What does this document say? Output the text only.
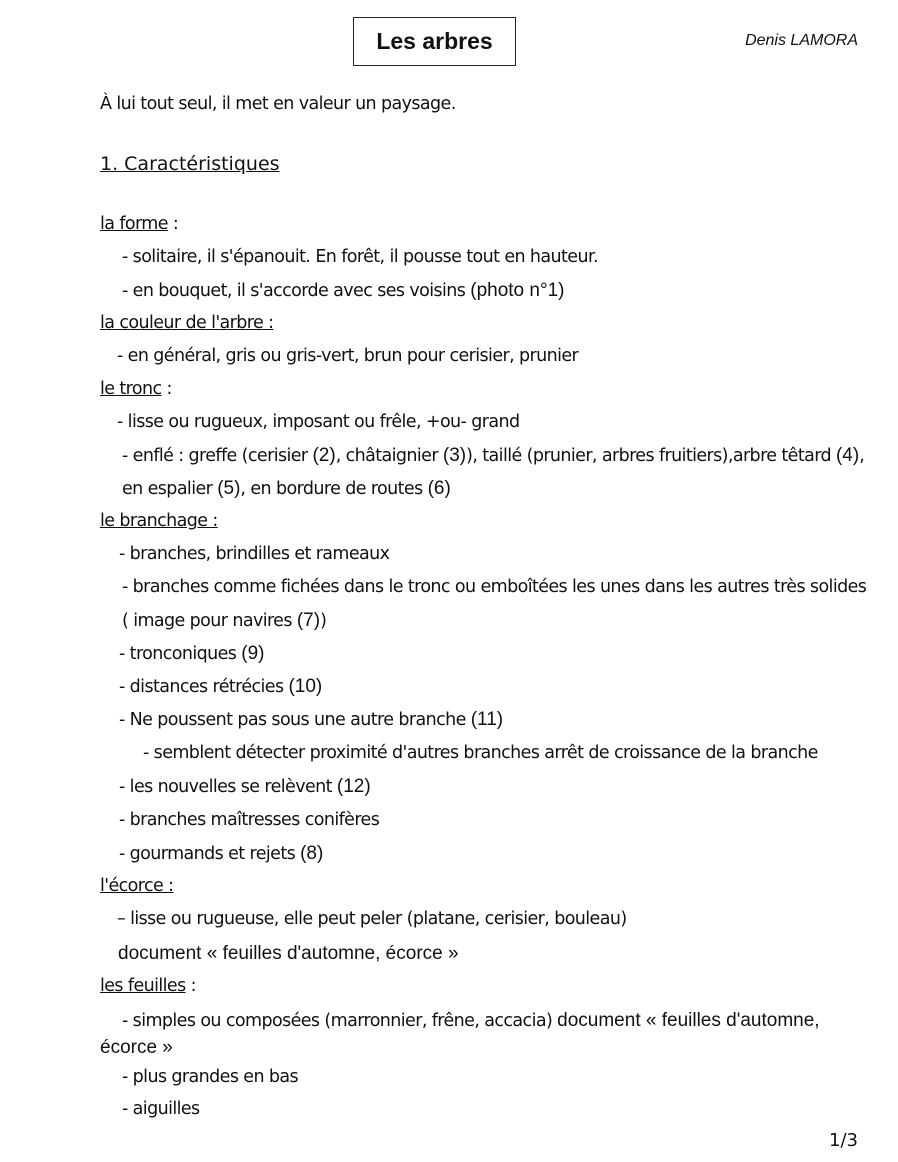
Les arbres	Denis LAMORA
À lui tout seul, il met en valeur un paysage.
1. Caractéristiques
la forme :
- solitaire, il s'épanouit. En forêt, il pousse tout en hauteur.
- en bouquet, il s'accorde avec ses voisins (photo n°1)
la couleur de l'arbre :
- en général, gris ou gris-vert, brun pour cerisier, prunier
le tronc :
- lisse ou rugueux, imposant ou frêle, +ou- grand
- enflé : greffe (cerisier (2), châtaignier (3)), taillé (prunier, arbres fruitiers),arbre têtard (4),
en espalier (5), en bordure de routes (6)
le branchage :
- branches, brindilles et rameaux
- branches comme fichées dans le tronc ou emboîtées les unes dans les autres très solides
( image pour navires (7))
- tronconiques (9)
- distances rétrécies (10)
- Ne poussent pas sous une autre branche (11)
- semblent détecter proximité d'autres branches arrêt de croissance de la branche
- les nouvelles se relèvent (12)
- branches maîtresses conifères
- gourmands et rejets (8)
l'écorce :
– lisse ou rugueuse, elle peut peler (platane, cerisier, bouleau)
document « feuilles d'automne, écorce »
les feuilles :
- simples ou composées (marronnier, frêne, accacia) document « feuilles d'automne,
écorce »
- plus grandes en bas
- aiguilles
1/3
